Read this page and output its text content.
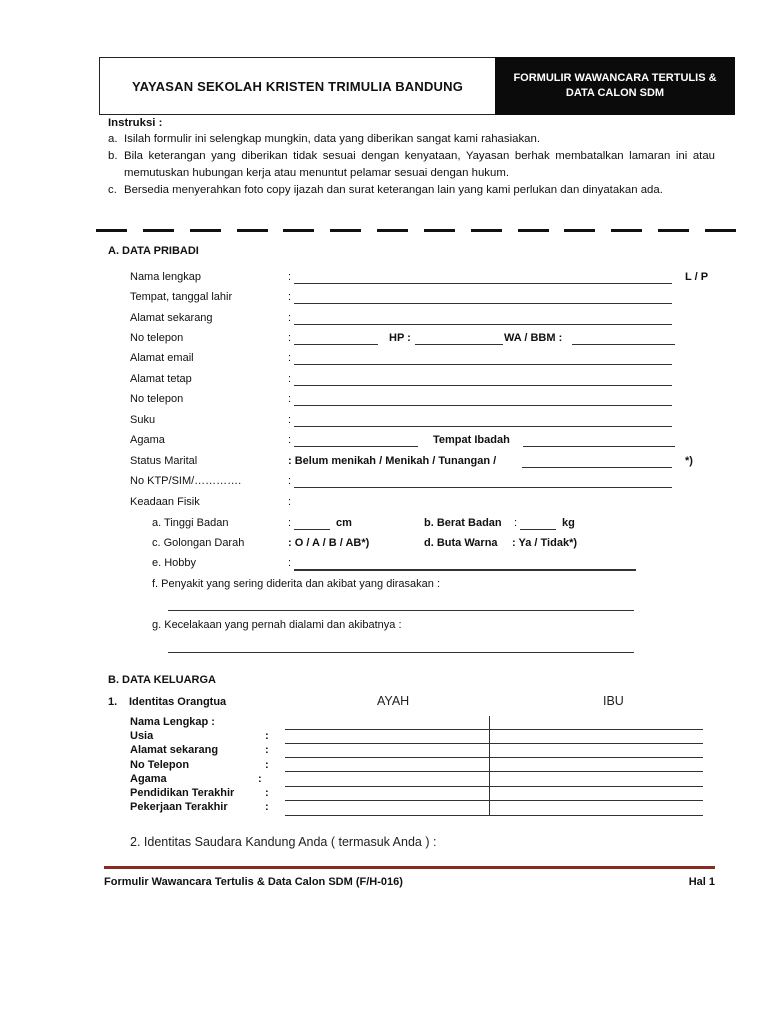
YAYASAN SEKOLAH KRISTEN TRIMULIA BANDUNG
FORMULIR WAWANCARA TERTULIS &
DATA CALON SDM
Instruksi :
a. Isilah formulir ini selengkap mungkin, data yang diberikan sangat kami rahasiakan.
b. Bila keterangan yang diberikan tidak sesuai dengan kenyataan, Yayasan berhak membatalkan lamaran ini atau memutuskan hubungan kerja atau menuntut pelamar sesuai dengan hukum.
c. Bersedia menyerahkan foto copy ijazah dan surat keterangan lain yang kami perlukan dan dinyatakan ada.
A. DATA PRIBADI
Nama lengkap	:	L / P
Tempat, tanggal lahir	:
Alamat sekarang	:
No telepon	:	HP :	WA / BBM :
Alamat email	:
Alamat tetap	:
No telepon	:
Suku	:
Agama	:	Tempat Ibadah
Status Marital	: Belum menikah / Menikah / Tunangan /	*)
No KTP/SIM/………….	:
Keadaan Fisik	:
a. Tinggi Badan	:	cm	b. Berat Badan :	kg
c. Golongan Darah	: O / A / B / AB*)	d. Buta Warna : Ya / Tidak*)
e. Hobby	:
f. Penyakit yang sering diderita dan akibat yang dirasakan :
g. Kecelakaan yang pernah dialami dan akibatnya :
B. DATA KELUARGA
1. Identitas Orangtua	AYAH	IBU
Nama Lengkap :
Usia	:
Alamat sekarang	:
No Telepon	:
Agama	:
Pendidikan Terakhir	:
Pekerjaan Terakhir	:
2. Identitas Saudara Kandung Anda ( termasuk Anda ) :
Formulir Wawancara Tertulis & Data Calon SDM (F/H-016)	Hal 1
